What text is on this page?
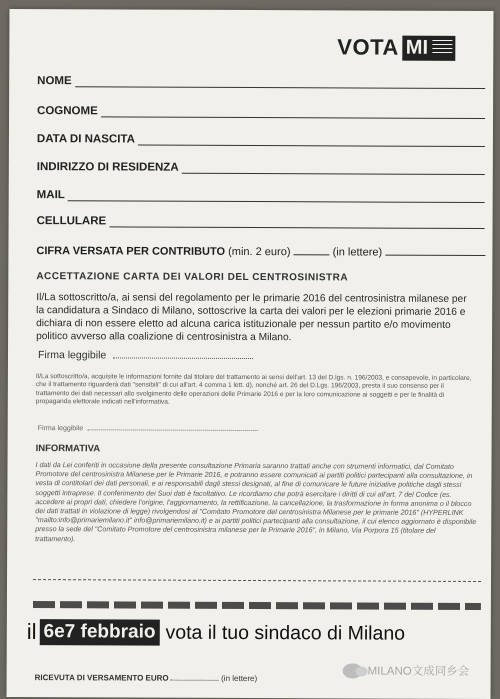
VOTA MI
NOME
COGNOME
DATA DI NASCITA
INDIRIZZO DI RESIDENZA
MAIL
CELLULARE
CIFRA VERSATA PER CONTRIBUTO (min. 2 euro)	(in lettere)
ACCETTAZIONE CARTA DEI VALORI DEL CENTROSINISTRA
Il/La sottoscritto/a, ai sensi del regolamento per le primarie 2016 del centrosinistra milanese per la candidatura a Sindaco di Milano, sottoscrive la carta dei valori per le elezioni primarie 2016 e dichiara di non essere eletto ad alcuna carica istituzionale per nessun partito e/o movimento politico avverso alla coalizione di centrosinistra a Milano.
Firma leggibile
Il/La sottoscritto/a, acquisite le informazioni fornite dal titolare del trattamento ai sensi dell'art. 13 del D.lgs. n. 196/2003, e consapevole, in particolare, che il trattamento riguarderà dati "sensibili" di cui all'art. 4 comma 1 lett. d), nonché art. 26 del D.Lgs. 196/2003, presta il suo consenso per il trattamento dei dati necessari allo svolgimento delle operazioni delle Primarie 2016 e per la loro comunicazione ai soggetti e per le finalità di propaganda elettorale indicati nell'informativa.
Firma leggibile
INFORMATIVA
I dati da Lei conferiti in occasione della presente consultazione Primaria saranno trattati anche con strumenti informatici, dal Comitato Promotore del centrosinistra Milanese per le Primarie 2016, e potranno essere comunicati ai partiti politici partecipanti alla consultazione, in vesta di contitolari dei dati personali, e ai responsabili dagli stessi designati, al fine di comunicare le future iniziative politiche dagli stessi soggetti intraprese. Il conferimento dei Suoi dati è facoltativo. Le ricordiamo che potrà esercitare i diritti di cui all'art. 7 del Codice (es. accedere ai propri dati, chiedere l'origine, l'aggiornamento, la rettificazione, la cancellazione, la trasformazione in forma anonima o il blocco dei dati trattati in violazione di legge) rivolgendosi al "Comitato Promotore del centrosinistra Milanese per le primarie 2016" (HYPERLINK "mailto:info@primariemilano.it" info@primariemilano.it) e ai partiti politici partecipanti alla consultazione, il cui elenco aggiornato è disponibile presso la sede del "Comitato Promotore del centrosinistra milanese per le Primarie 2016", in Milano, Via Porpora 15 (titolare del trattamento).
il 6e7 febbraio vota il tuo sindaco di Milano
RICEVUTA DI VERSAMENTO EURO	(in lettere)
MILANO文成同乡会
